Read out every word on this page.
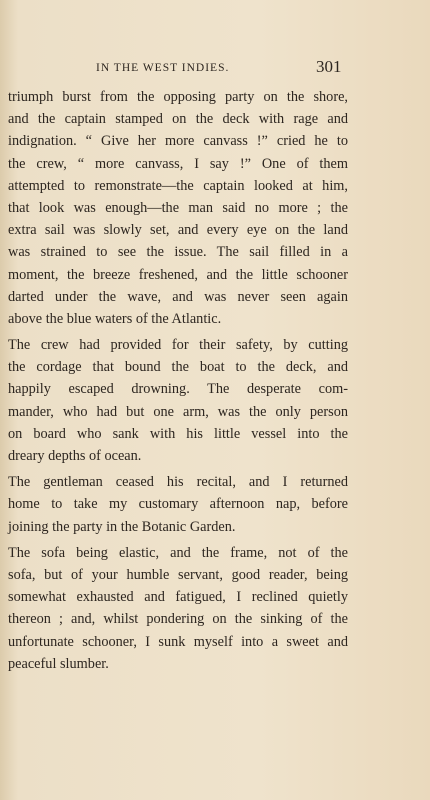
IN THE WEST INDIES.	301
triumph burst from the opposing party on the shore,
and the captain stamped on the deck with rage and
indignation. “ Give her more canvass !” cried he to
the crew, “ more canvass, I say !” One of them
attempted to remonstrate—the captain looked at him,
that look was enough—the man said no more ; the
extra sail was slowly set, and every eye on the land
was strained to see the issue. The sail filled in a
moment, the breeze freshened, and the little schooner
darted under the wave, and was never seen again
above the blue waters of the Atlantic.
The crew had provided for their safety, by cutting
the cordage that bound the boat to the deck, and
happily escaped drowning. The desperate com-
mander, who had but one arm, was the only person
on board who sank with his little vessel into the
dreary depths of ocean.
The gentleman ceased his recital, and I returned
home to take my customary afternoon nap, before
joining the party in the Botanic Garden.
The sofa being elastic, and the frame, not of the
sofa, but of your humble servant, good reader, being
somewhat exhausted and fatigued, I reclined quietly
thereon ; and, whilst pondering on the sinking of the
unfortunate schooner, I sunk myself into a sweet and
peaceful slumber.
